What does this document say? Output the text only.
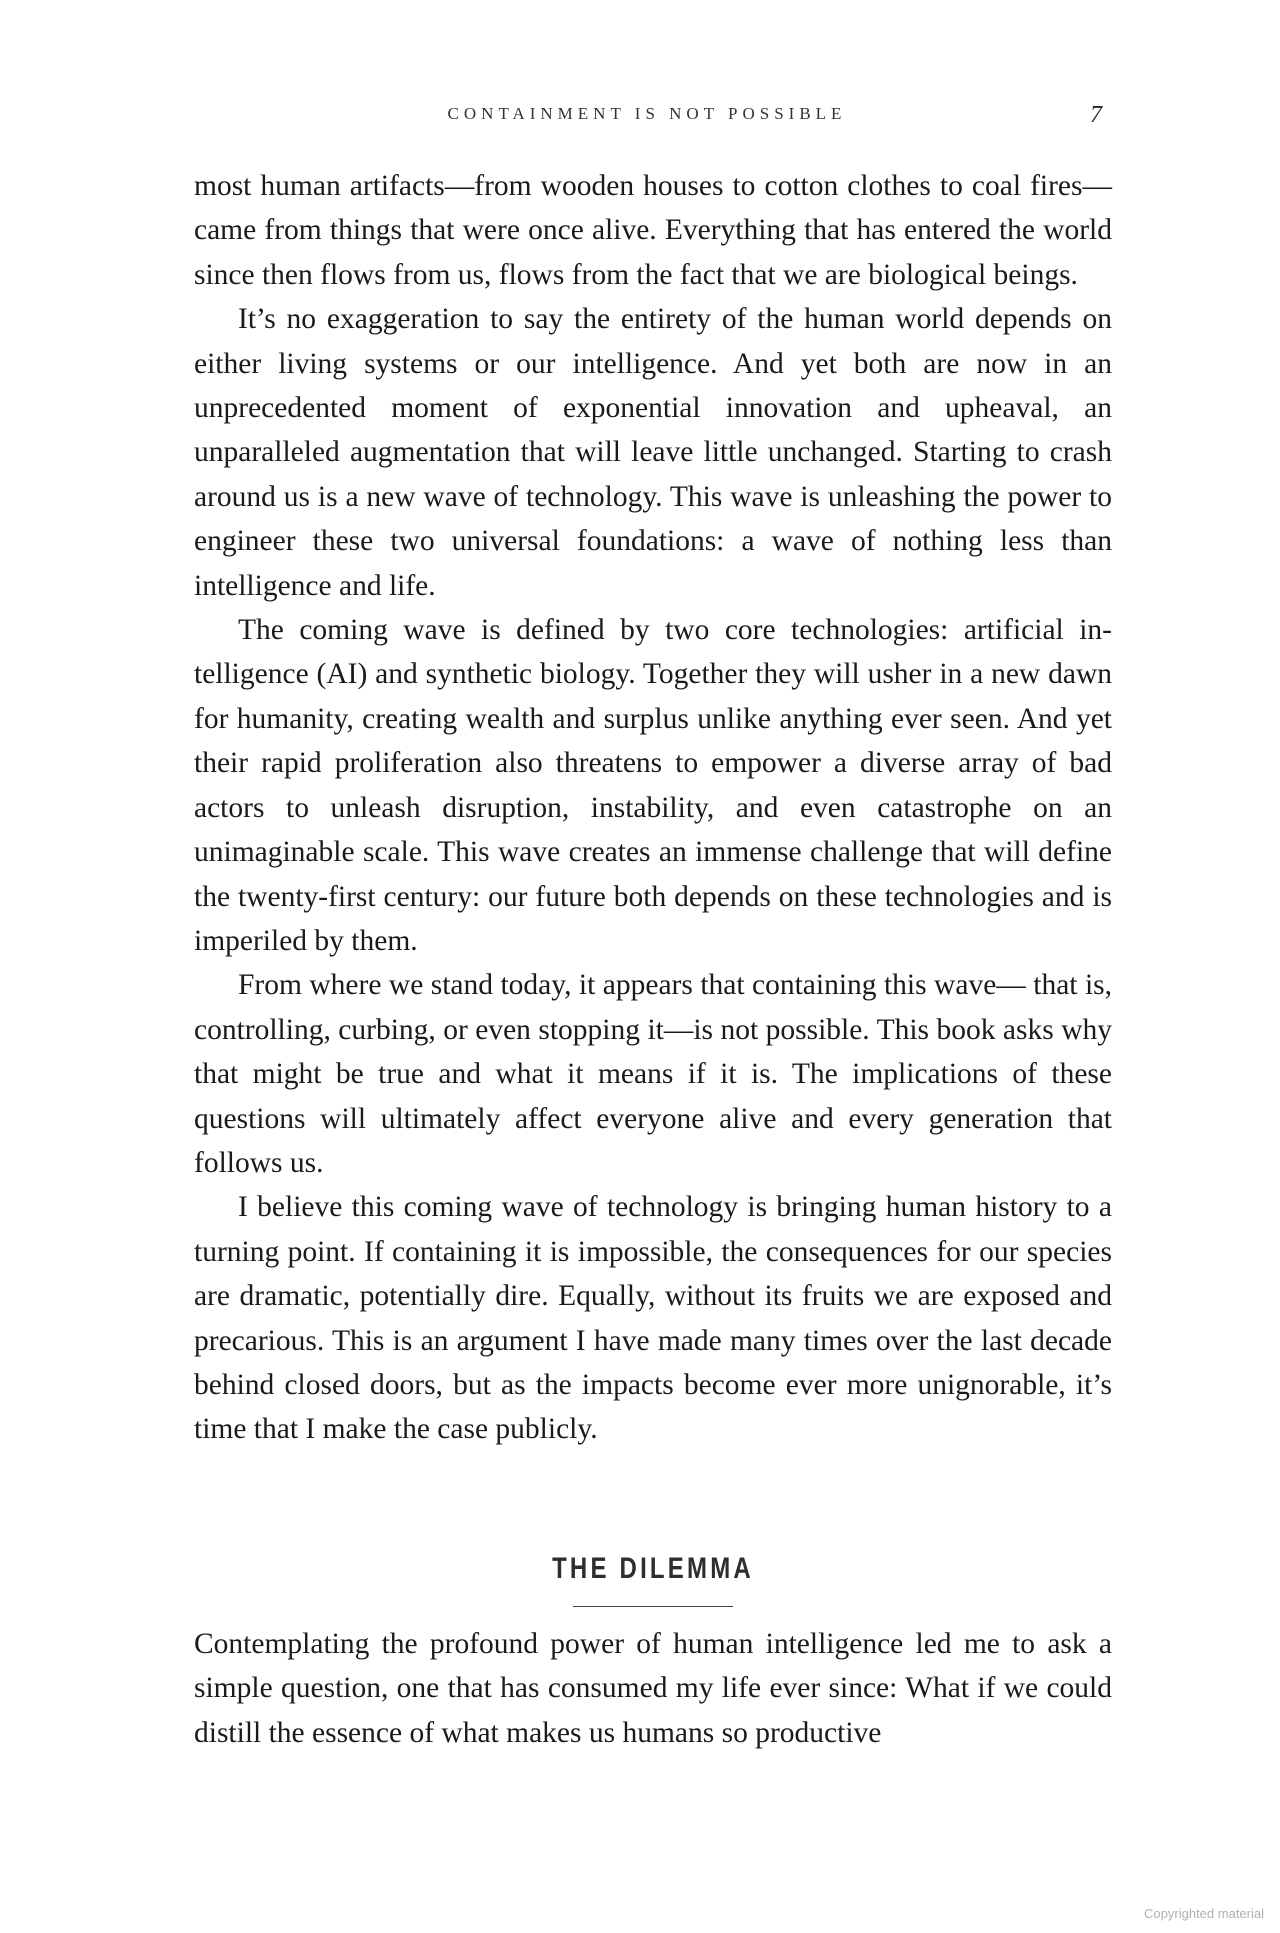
CONTAINMENT IS NOT POSSIBLE	7

most human artifacts—from wooden houses to cotton clothes to coal fires—came from things that were once alive. Everything that has entered the world since then flows from us, flows from the fact that we are biological beings.

It’s no exaggeration to say the entirety of the human world depends on either living systems or our intelligence. And yet both are now in an unprecedented moment of exponential innovation and upheaval, an unparalleled augmentation that will leave little unchanged. Starting to crash around us is a new wave of technology. This wave is unleashing the power to engineer these two universal foundations: a wave of nothing less than intelligence and life.

The coming wave is defined by two core technologies: artificial intelligence (AI) and synthetic biology. Together they will usher in a new dawn for humanity, creating wealth and surplus unlike anything ever seen. And yet their rapid proliferation also threatens to empower a diverse array of bad actors to unleash disruption, instability, and even catastrophe on an unimaginable scale. This wave creates an immense challenge that will define the twenty-first century: our future both depends on these technologies and is imperiled by them.

From where we stand today, it appears that containing this wave— that is, controlling, curbing, or even stopping it—is not possible. This book asks why that might be true and what it means if it is. The implications of these questions will ultimately affect everyone alive and every generation that follows us.

I believe this coming wave of technology is bringing human history to a turning point. If containing it is impossible, the consequences for our species are dramatic, potentially dire. Equally, without its fruits we are exposed and precarious. This is an argument I have made many times over the last decade behind closed doors, but as the impacts become ever more unignorable, it’s time that I make the case publicly.

THE DILEMMA

Contemplating the profound power of human intelligence led me to ask a simple question, one that has consumed my life ever since: What if we could distill the essence of what makes us humans so productive

Copyrighted material
